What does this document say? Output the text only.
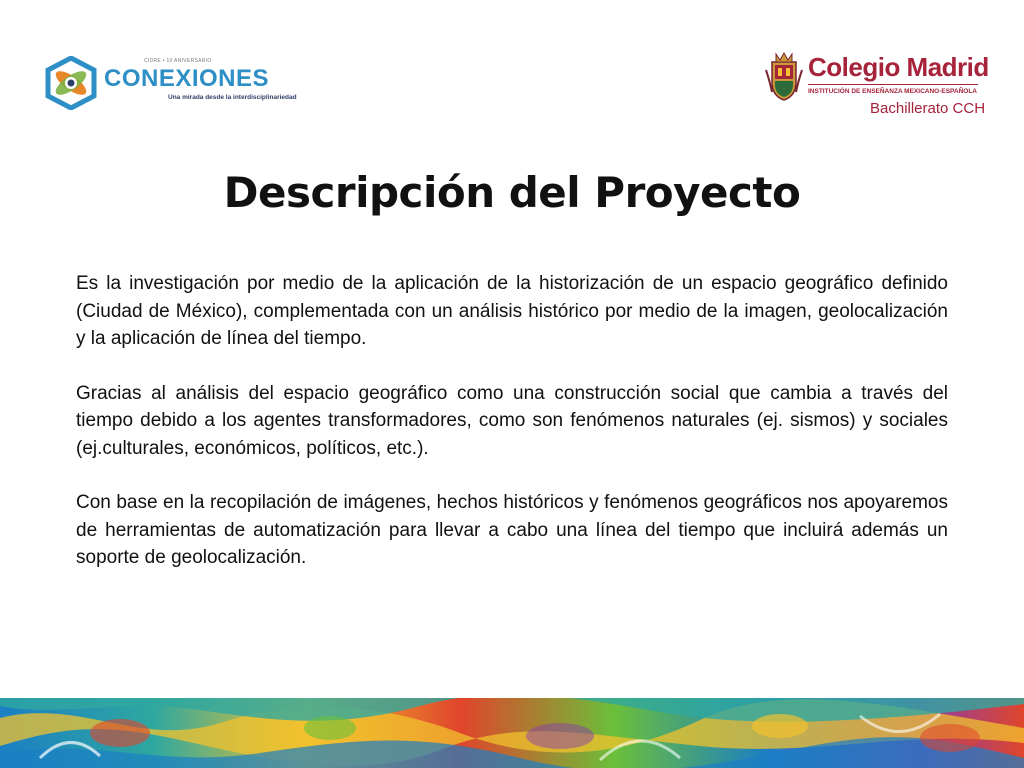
CIDRE • 10 ANIVERSARIO
CONEXIONES
Una mirada desde la interdisciplinariedad
Colegio Madrid
INSTITUCIÓN DE ENSEÑANZA MEXICANO-ESPAÑOLA
Bachillerato CCH
Descripción del Proyecto

Es la investigación por medio de la aplicación de la historización de un espacio geográfico definido (Ciudad de México), complementada con un análisis histórico por medio de la imagen, geolocalización y la aplicación de línea del tiempo.

Gracias al análisis del espacio geográfico como una construcción social que cambia a través del tiempo debido a los agentes transformadores, como son fenómenos naturales (ej. sismos) y sociales (ej.culturales, económicos, políticos, etc.).

Con base en la recopilación de imágenes, hechos históricos y fenómenos geográficos nos apoyaremos de herramientas de automatización para llevar a cabo una línea del tiempo que incluirá además un soporte de geolocalización.
